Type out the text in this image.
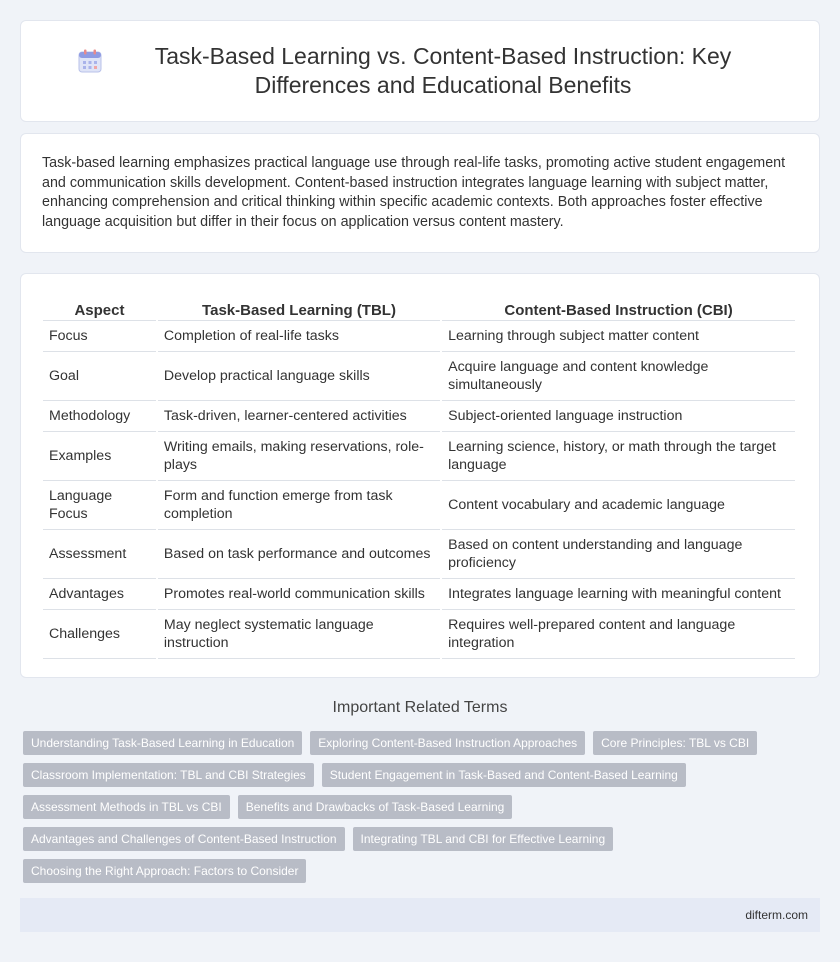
Task-Based Learning vs. Content-Based Instruction: Key Differences and Educational Benefits

Task-based learning emphasizes practical language use through real-life tasks, promoting active student engagement and communication skills development. Content-based instruction integrates language learning with subject matter, enhancing comprehension and critical thinking within specific academic contexts. Both approaches foster effective language acquisition but differ in their focus on application versus content mastery.

Aspect	Task-Based Learning (TBL)	Content-Based Instruction (CBI)
Focus	Completion of real-life tasks	Learning through subject matter content
Goal	Develop practical language skills	Acquire language and content knowledge simultaneously
Methodology	Task-driven, learner-centered activities	Subject-oriented language instruction
Examples	Writing emails, making reservations, role-plays	Learning science, history, or math through the target language
Language Focus	Form and function emerge from task completion	Content vocabulary and academic language
Assessment	Based on task performance and outcomes	Based on content understanding and language proficiency
Advantages	Promotes real-world communication skills	Integrates language learning with meaningful content
Challenges	May neglect systematic language instruction	Requires well-prepared content and language integration
Important Related Terms
Understanding Task-Based Learning in Education	Exploring Content-Based Instruction Approaches	Core Principles: TBL vs CBI
Classroom Implementation: TBL and CBI Strategies	Student Engagement in Task-Based and Content-Based Learning
Assessment Methods in TBL vs CBI	Benefits and Drawbacks of Task-Based Learning
Advantages and Challenges of Content-Based Instruction	Integrating TBL and CBI for Effective Learning
Choosing the Right Approach: Factors to Consider
difterm.com
